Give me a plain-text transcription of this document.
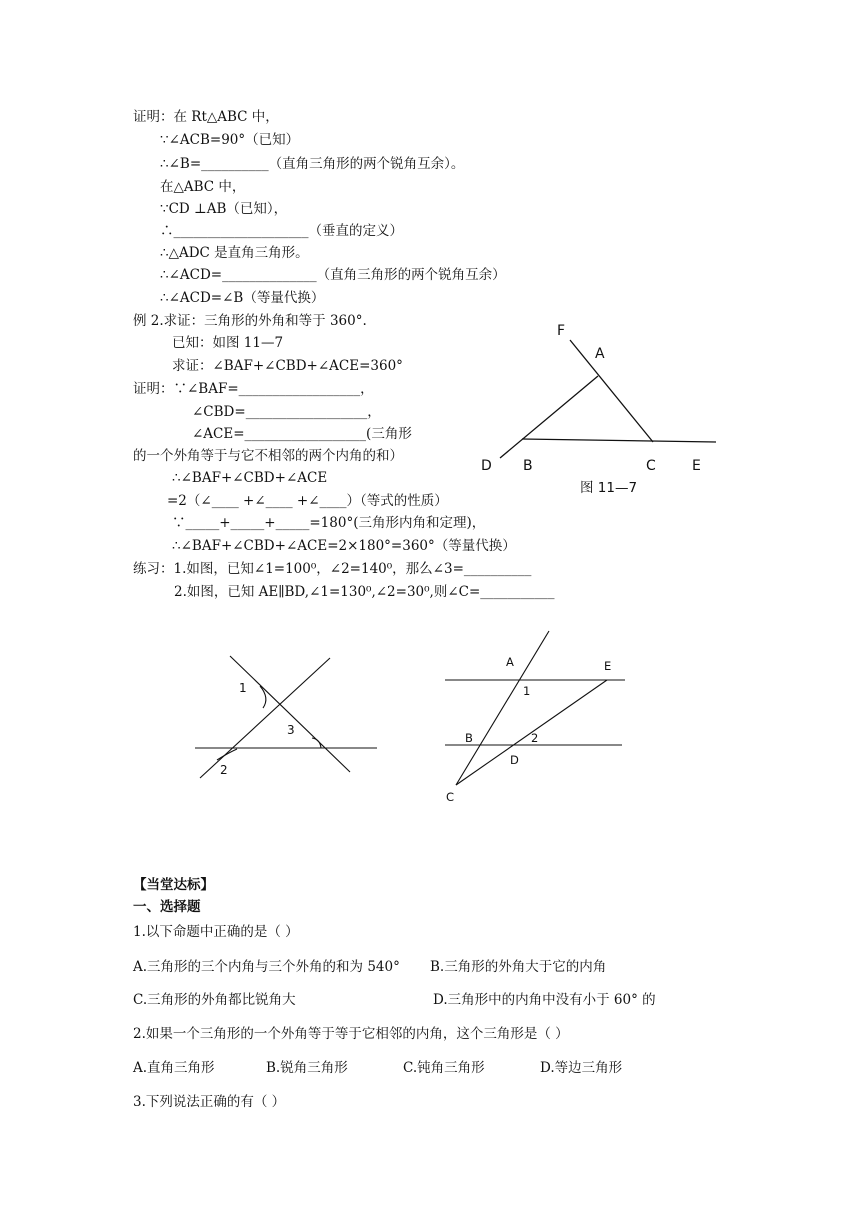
证明：在 Rt△ABC 中，
∵∠ACB=90°（已知）
∴∠B=__________（直角三角形的两个锐角互余）。
在△ABC 中，
∵CD ⊥AB（已知），
∴____________________（垂直的定义）
∴△ADC 是直角三角形。
∴∠ACD=______________（直角三角形的两个锐角互余）
∴∠ACD=∠B（等量代换）
例 2.求证：三角形的外角和等于 360°.
已知：如图 11—7
求证：∠BAF+∠CBD+∠ACE=360°
证明：∵∠BAF=__________________，
∠CBD=__________________，
∠ACE=__________________(三角形
的一个外角等于与它不相邻的两个内角的和）
∴∠BAF+∠CBD+∠ACE
=2（∠____ +∠____ +∠____）（等式的性质）
∵_____+_____+_____=180°(三角形内角和定理)，
∴∠BAF+∠CBD+∠ACE=2×180°=360°（等量代换）
F
A
D B	C	E
图 11—7
练习：1.如图，已知∠1=100⁰，∠2=140⁰，那么∠3=__________
2.如图，已知 AE∥BD,∠1=130⁰,∠2=30⁰,则∠C=___________
1
2
3
A	E
1
B	2
D
C
【当堂达标】
一、选择题
1.以下命题中正确的是（ ）
A.三角形的三个内角与三个外角的和为 540° B.三角形的外角大于它的内角
C.三角形的外角都比锐角大	D.三角形中的内角中没有小于 60° 的
2.如果一个三角形的一个外角等于等于它相邻的内角，这个三角形是（ ）
A.直角三角形	B.锐角三角形	C.钝角三角形	D.等边三角形
3.下列说法正确的有（ ）
